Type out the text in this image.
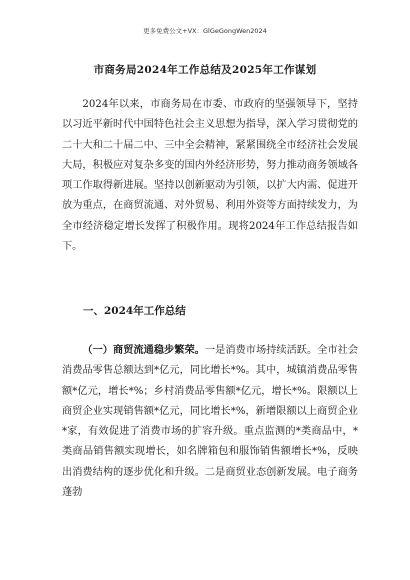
更多免费公文+VX：GlGeGongWen2024
市商务局2024年工作总结及2025年工作谋划

2024年以来，市商务局在市委、市政府的坚强领导下，坚持以习近平新时代中国特色社会主义思想为指导，深入学习贯彻党的二十大和二十届二中、三中全会精神，紧紧围绕全市经济社会发展大局，积极应对复杂多变的国内外经济形势，努力推动商务领域各项工作取得新进展。坚持以创新驱动为引领，以扩大内需、促进开放为重点，在商贸流通、对外贸易、利用外资等方面持续发力，为全市经济稳定增长发挥了积极作用。现将2024年工作总结报告如下。

一、2024年工作总结

（一）商贸流通稳步繁荣。一是消费市场持续活跃。全市社会消费品零售总额达到*亿元，同比增长*%。其中，城镇消费品零售额*亿元，增长*%；乡村消费品零售额*亿元，增长*%。限额以上商贸企业实现销售额*亿元，同比增长*%，新增限额以上商贸企业*家，有效促进了消费市场的扩容升级。重点监测的*类商品中，*类商品销售额实现增长，如名牌箱包和服饰销售额增长*%，反映出消费结构的逐步优化和升级。二是商贸业态创新发展。电子商务蓬勃
